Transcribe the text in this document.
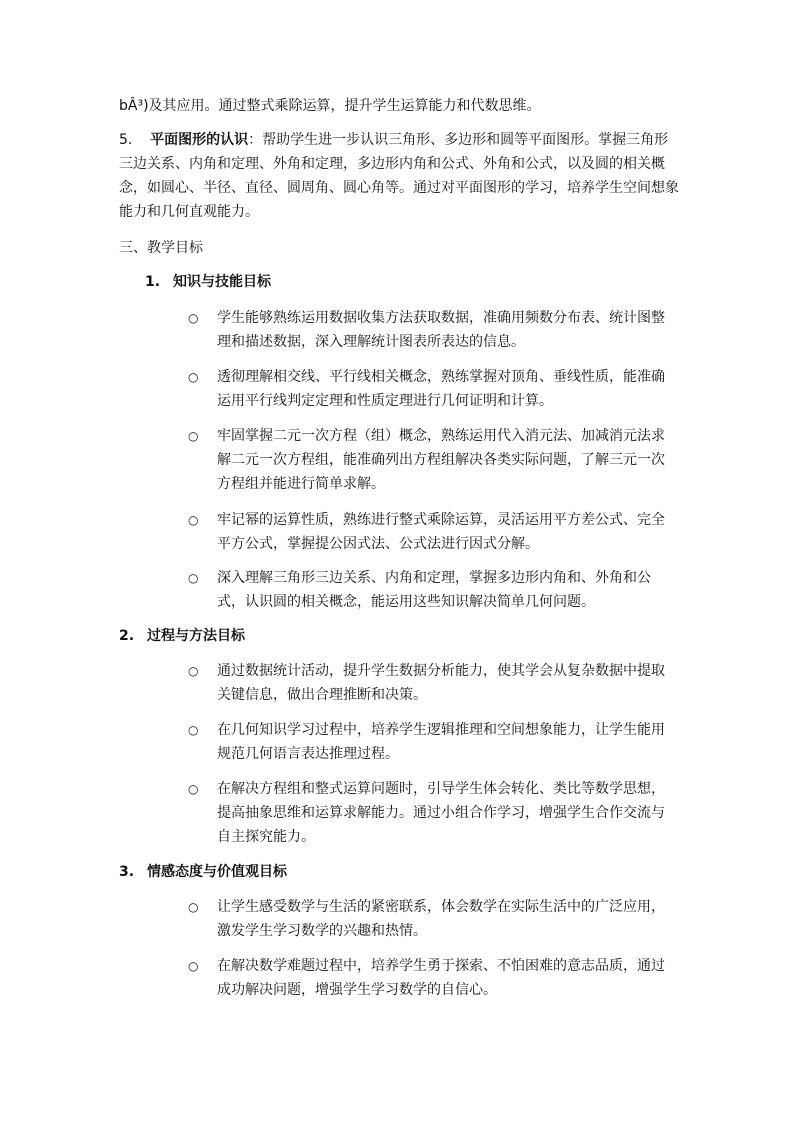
bÂ³)及其应用。通过整式乘除运算，提升学生运算能力和代数思维。

5. 平面图形的认识：帮助学生进一步认识三角形、多边形和圆等平面图形。掌握三角形三边关系、内角和定理、外角和定理，多边形内角和公式、外角和公式，以及圆的相关概念，如圆心、半径、直径、圆周角、圆心角等。通过对平面图形的学习，培养学生空间想象能力和几何直观能力。

三、教学目标

1. 知识与技能目标

○ 学生能够熟练运用数据收集方法获取数据，准确用频数分布表、统计图整理和描述数据，深入理解统计图表所表达的信息。

○ 透彻理解相交线、平行线相关概念，熟练掌握对顶角、垂线性质，能准确运用平行线判定定理和性质定理进行几何证明和计算。

○ 牢固掌握二元一次方程（组）概念，熟练运用代入消元法、加减消元法求解二元一次方程组，能准确列出方程组解决各类实际问题，了解三元一次方程组并能进行简单求解。

○ 牢记幂的运算性质，熟练进行整式乘除运算，灵活运用平方差公式、完全平方公式，掌握提公因式法、公式法进行因式分解。

○ 深入理解三角形三边关系、内角和定理，掌握多边形内角和、外角和公式，认识圆的相关概念，能运用这些知识解决简单几何问题。

2. 过程与方法目标

○ 通过数据统计活动，提升学生数据分析能力，使其学会从复杂数据中提取关键信息，做出合理推断和决策。

○ 在几何知识学习过程中，培养学生逻辑推理和空间想象能力，让学生能用规范几何语言表达推理过程。

○ 在解决方程组和整式运算问题时，引导学生体会转化、类比等数学思想，提高抽象思维和运算求解能力。通过小组合作学习，增强学生合作交流与自主探究能力。

3. 情感态度与价值观目标

○ 让学生感受数学与生活的紧密联系，体会数学在实际生活中的广泛应用，激发学生学习数学的兴趣和热情。

○ 在解决数学难题过程中，培养学生勇于探索、不怕困难的意志品质，通过成功解决问题，增强学生学习数学的自信心。
